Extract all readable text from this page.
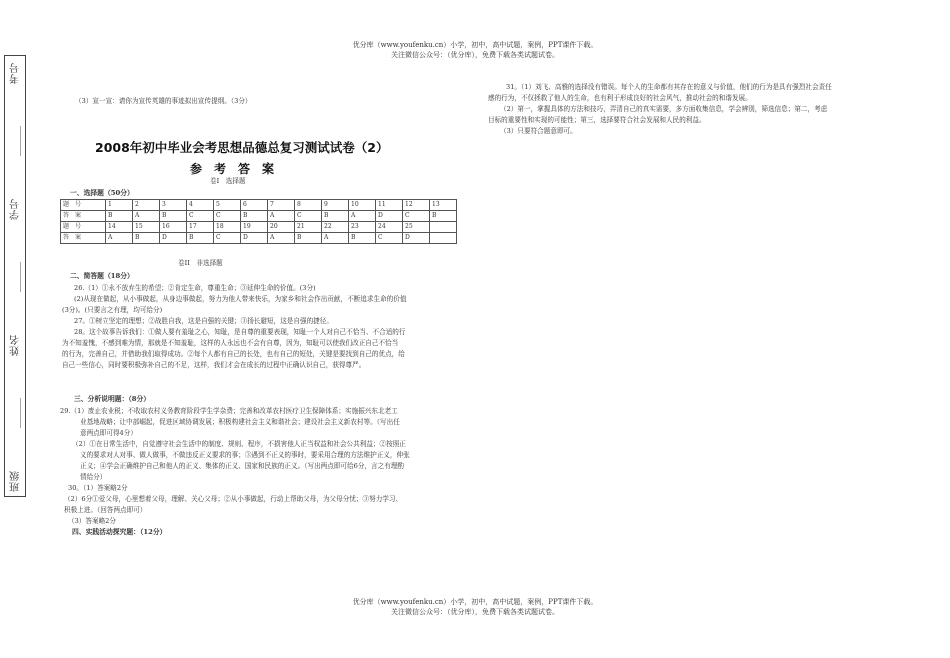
优分库（www.youfenku.cn）小学，初中，高中试题，案例，PPT课件下载。
关注微信公众号：（优分库），免费下载各类试题试卷。
班级
______
姓名
______
学号
______
考号
（3）宣一宣：请你为宣传英雄的事迹拟出宣传提纲。（3分）
2008年初中毕业会考思想品德总复习测试试卷（2）
参考答案
卷Ⅰ　选择题
一、选择题（50分）
题　号	1	2	3	4	5	6	7	8	9	10	11	12	13
答　案	B	A	B	C	C	B	A	C	B	A	D	C	B
题　号	14	15	16	17	18	19	20	21	22	23	24	25	
答　案	A	B	D	B	C	D	A	B	A	B	C	D	
卷II　非选择题
二、简答题（18分）
26.（1）①永不放弃生的希望；②肯定生命，尊重生命；③延伸生命的价值。(3分)
(2)从现在做起，从小事做起，从身边事做起，努力为他人带来快乐，为家乡和社会作出贡献，不断追求生命的价值
(3分)。(只要言之有理，均可给分)
27。①树立坚定的理想；②战胜自我，这是自强的关键；③扬长避短，这是自强的捷径。
28。这个故事告诉我们：①做人要有羞耻之心，知耻，是自尊的重要表现，知耻一个人对自己不恰当、不合适的行
为不知羞愧，不感到难为情，那就是不知羞耻，这样的人永远也不会有自尊，因为，知耻可以使我们改正自己不恰当
的行为，完善自己，并借助我们取得成功。②每个人都有自己的长处，也有自己的短处，关键是要找到自己的优点，给
自己一些信心，同时要积极弥补自己的不足，这样，我们才会在成长的过程中正确认识自己，获得尊严。
三、分析说明题：（8分）
29.（1）废止农业税；不收取农村义务教育阶段学生学杂费；完善和改革农村医疗卫生保障体系；实施振兴东北老工
业基地战略；让中部崛起，促进区域协调发展；积极构建社会主义和谐社会；建设社会主义新农村等。（写出任
意两点即可得4分）
（2）①在日常生活中，自觉遵守社会生活中的制度、规则、程序，不损害他人正当权益和社会公共利益；②按照正
义的要求对人对事、做人做事，不做违反正义要求的事；③遇到不正义的事时，要采用合理的方法维护正义，伸张
正义；④学会正确维护自己和他人的正义、集体的正义、国家和民族的正义。（写出两点即可给6分，言之有理酌
情给分）
30。（1）答案略2分
（2）6分①爱父母，心里想着父母，理解、关心父母；②从小事做起，行动上帮助父母，为父母分忧；③努力学习、
积极上进。（回答两点即可）
（3）答案略2分
四、实践活动探究题：（12分）
31。（1）刘飞、高雅的选择没有错误。每个人的生命都有其存在的意义与价值，他们的行为是具有强烈社会责任
感的行为，不仅拯救了他人的生命，也有利于形成良好的社会风气，推动社会的和谐发展。
（2）第一，掌握具体的方法和技巧，弄清自己的真实需要，多方面收集信息，学会辨别，筛选信息；第二，考虑
目标的重要性和实现的可能性；第三，选择要符合社会发展和人民的利益。
（3）只要符合题意即可。
优分库（www.youfenku.cn）小学，初中，高中试题，案例，PPT课件下载。
关注微信公众号：（优分库），免费下载各类试题试卷。
